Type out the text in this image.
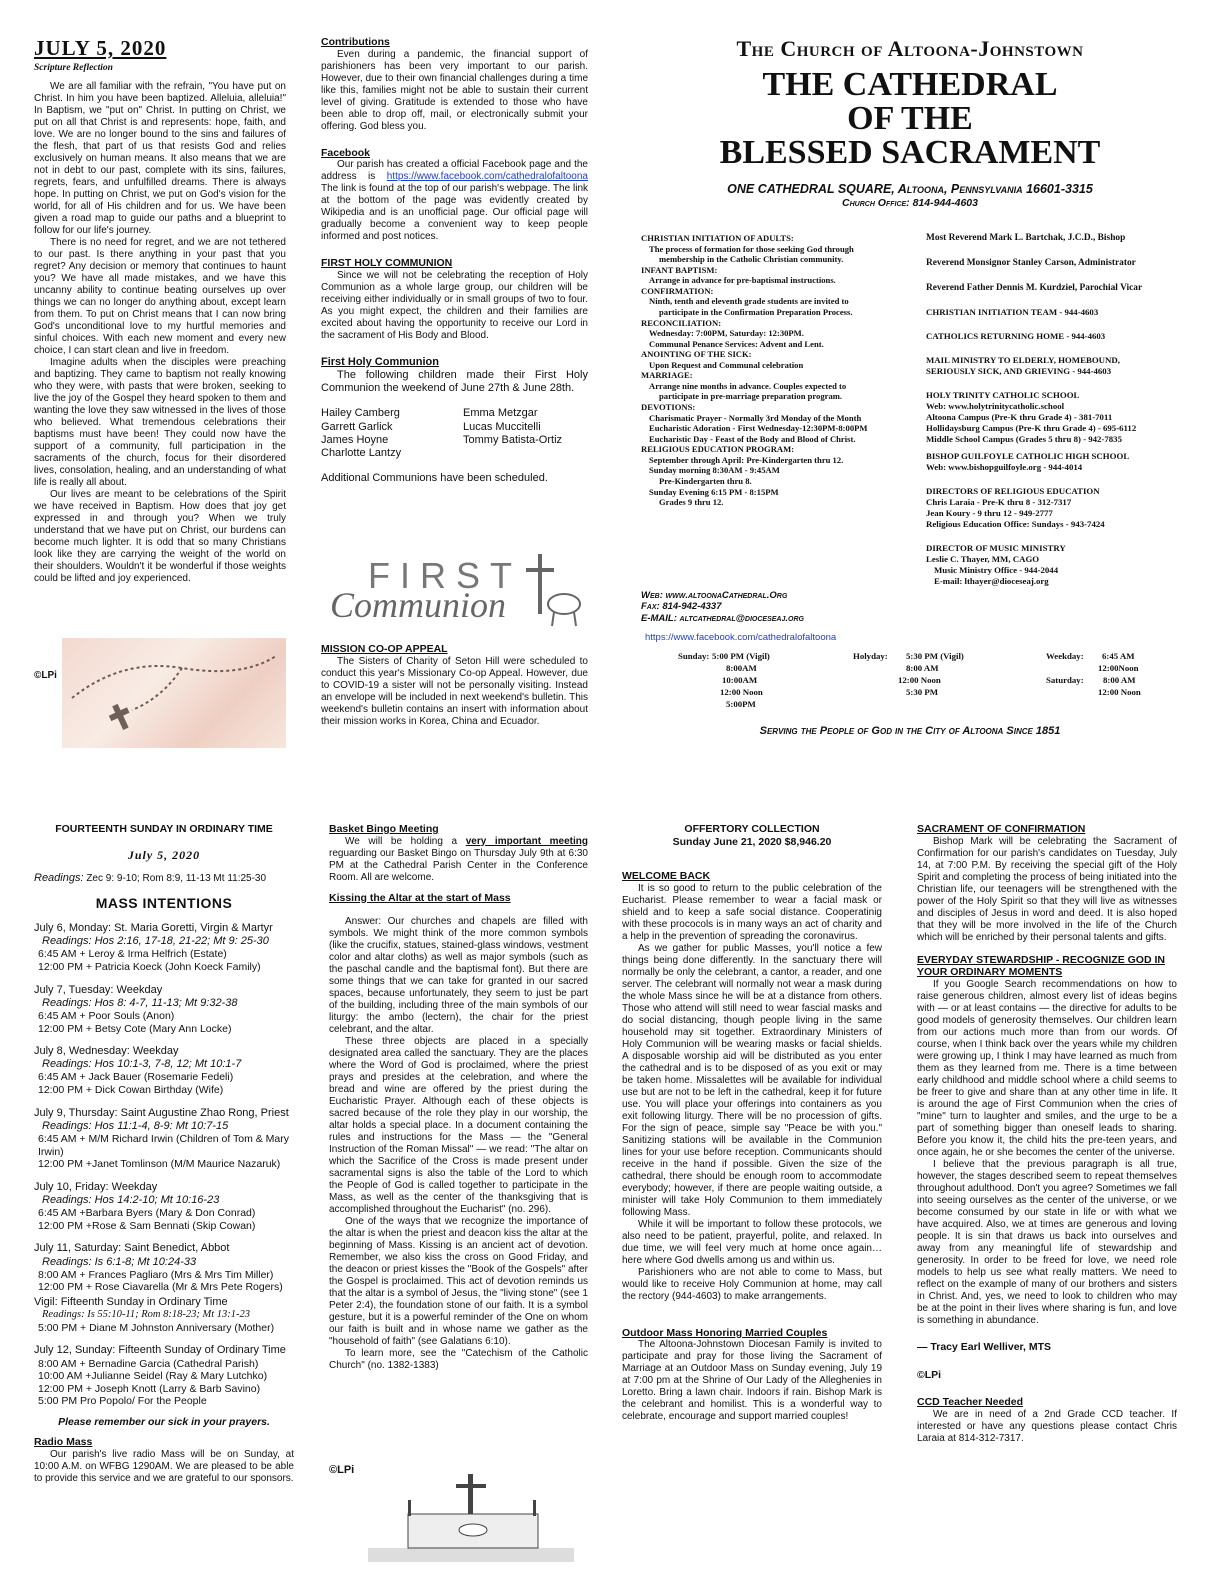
JULY 5, 2020
Scripture Reflection

We are all familiar with the refrain, "You have put on Christ. In him you have been baptized. Alleluia, alleluia!" In Baptism, we "put on" Christ. In putting on Christ, we put on all that Christ is and represents: hope, faith, and love. We are no longer bound to the sins and failures of the flesh, that part of us that resists God and relies exclusively on human means. It also means that we are not in debt to our past, complete with its sins, failures, regrets, fears, and unfulfilled dreams. There is always hope. In putting on Christ, we put on God's vision for the world, for all of His children and for us. We have been given a road map to guide our paths and a blueprint to follow for our life's journey.

There is no need for regret, and we are not tethered to our past. Is there anything in your past that you regret? Any decision or memory that continues to haunt you? We have all made mistakes, and we have this uncanny ability to continue beating ourselves up over things we can no longer do anything about, except learn from them. To put on Christ means that I can now bring God's unconditional love to my hurtful memories and sinful choices. With each new moment and every new choice, I can start clean and live in freedom.

Imagine adults when the disciples were preaching and baptizing. They came to baptism not really knowing who they were, with pasts that were broken, seeking to live the joy of the Gospel they heard spoken to them and wanting the love they saw witnessed in the lives of those who believed. What tremendous celebrations their baptisms must have been! They could now have the support of a community, full participation in the sacraments of the church, focus for their disordered lives, consolation, healing, and an understanding of what life is really all about.

Our lives are meant to be celebrations of the Spirit we have received in Baptism. How does that joy get expressed in and through you? When we truly understand that we have put on Christ, our burdens can become much lighter. It is odd that so many Christians look like they are carrying the weight of the world on their shoulders. Wouldn't it be wonderful if those weights could be lifted and joy experienced.

©LPi
Contributions

Even during a pandemic, the financial support of parishioners has been very important to our parish. However, due to their own financial challenges during a time like this, families might not be able to sustain their current level of giving. Gratitude is extended to those who have been able to drop off, mail, or electronically submit your offering. God bless you.

Facebook

Our parish has created a official Facebook page and the address is https://www.facebook.com/cathedralofaltoona The link is found at the top of our parish's webpage. The link at the bottom of the page was evidently created by Wikipedia and is an unofficial page. Our official page will gradually become a convenient way to keep people informed and post notices.

FIRST HOLY COMMUNION

Since we will not be celebrating the reception of Holy Communion as a whole large group, our children will be receiving either individually or in small groups of two to four. As you might expect, the children and their families are excited about having the opportunity to receive our Lord in the sacrament of His Body and Blood.

First Holy Communion

The following children made their First Holy Communion the weekend of June 27th & June 28th.

Hailey Camberg
Garrett Garlick
James Hoyne
Charlotte Lantzy
Emma Metzgar
Lucas Muccitelli
Tommy Batista-Ortiz

Additional Communions have been scheduled.

FIRST
Communion
MISSION CO-OP APPEAL

The Sisters of Charity of Seton Hill were scheduled to conduct this year's Missionary Co-op Appeal. However, due to COVID-19 a sister will not be personally visiting. Instead an envelope will be included in next weekend's bulletin. This weekend's bulletin contains an insert with information about their mission works in Korea, China and Ecuador.

The Church of Altoona-Johnstown
THE CATHEDRAL
OF THE
BLESSED SACRAMENT
ONE CATHEDRAL SQUARE, Altoona, Pennsylvania 16601-3315
Church Office: 814-944-4603
CHRISTIAN INITIATION OF ADULTS:
The process of formation for those seeking God through
membership in the Catholic Christian community.
INFANT BAPTISM:
Arrange in advance for pre-baptismal instructions.
CONFIRMATION:
Ninth, tenth and eleventh grade students are invited to
participate in the Confirmation Preparation Process.
RECONCILIATION:
Wednesday: 7:00PM, Saturday: 12:30PM.
Communal Penance Services: Advent and Lent.
ANOINTING OF THE SICK:
Upon Request and Communal celebration
MARRIAGE:
Arrange nine months in advance. Couples expected to
participate in pre-marriage preparation program.
DEVOTIONS:
Charismatic Prayer - Normally 3rd Monday of the Month
Eucharistic Adoration - First Wednesday-12:30PM-8:00PM
Eucharistic Day - Feast of the Body and Blood of Christ.
RELIGIOUS EDUCATION PROGRAM:
September through April: Pre-Kindergarten thru 12.
Sunday morning 8:30AM - 9:45AM
Pre-Kindergarten thru 8.
Sunday Evening 6:15 PM - 8:15PM
Grades 9 thru 12.
Most Reverend Mark L. Bartchak, J.C.D., Bishop
Reverend Monsignor Stanley Carson, Administrator
Reverend Father Dennis M. Kurdziel, Parochial Vicar
CHRISTIAN INITIATION TEAM - 944-4603
CATHOLICS RETURNING HOME - 944-4603
MAIL MINISTRY TO ELDERLY, HOMEBOUND,
SERIOUSLY SICK, AND GRIEVING - 944-4603
HOLY TRINITY CATHOLIC SCHOOL
Web: www.holytrinitycatholic.school
Altoona Campus (Pre-K thru Grade 4) - 381-7011
Hollidaysburg Campus (Pre-K thru Grade 4) - 695-6112
Middle School Campus (Grades 5 thru 8) - 942-7835
BISHOP GUILFOYLE CATHOLIC HIGH SCHOOL
Web: www.bishopguilfoyle.org - 944-4014
DIRECTORS OF RELIGIOUS EDUCATION
Chris Laraia - Pre-K thru 8 - 312-7317
Jean Koury - 9 thru 12 - 949-2777
Religious Education Office: Sundays - 943-7424
DIRECTOR OF MUSIC MINISTRY
Leslie C. Thayer, MM, CAGO
Music Ministry Office - 944-2044
E-mail: lthayer@dioceseaj.org
Web: www.altoonaCathedral.Org
Fax: 814-942-4337
E-MAIL: altcathedral@dioceseaj.org
https://www.facebook.com/cathedralofaltoona
Sunday: 5:00 PM (Vigil)
8:00AM
10:00AM
12:00 Noon
5:00PM
Holyday: 5:30 PM (Vigil)
8:00 AM
12:00 Noon
5:30 PM
Weekday: 6:45 AM
12:00Noon
Saturday: 8:00 AM
12:00 Noon
Serving the People of God in the City of Altoona Since 1851
FOURTEENTH SUNDAY IN ORDINARY TIME
July 5, 2020
Readings: Zec 9: 9-10; Rom 8:9, 11-13 Mt 11:25-30
MASS INTENTIONS
July 6, Monday: St. Maria Goretti, Virgin & Martyr
Readings: Hos 2:16, 17-18, 21-22; Mt 9: 25-30
6:45 AM + Leroy & Irma Helfrich (Estate)
12:00 PM + Patricia Koeck (John Koeck Family)
July 7, Tuesday: Weekday
Readings: Hos 8: 4-7, 11-13; Mt 9:32-38
6:45 AM + Poor Souls (Anon)
12:00 PM + Betsy Cote (Mary Ann Locke)
July 8, Wednesday: Weekday
Readings: Hos 10:1-3, 7-8, 12; Mt 10:1-7
6:45 AM + Jack Bauer (Rosemarie Fedeli)
12:00 PM + Dick Cowan Birthday (Wife)
July 9, Thursday: Saint Augustine Zhao Rong, Priest
Readings: Hos 11:1-4, 8-9: Mt 10:7-15
6:45 AM + M/M Richard Irwin (Children of Tom & Mary Irwin)
12:00 PM +Janet Tomlinson (M/M Maurice Nazaruk)
July 10, Friday: Weekday
Readings: Hos 14:2-10; Mt 10:16-23
6:45 AM +Barbara Byers (Mary & Don Conrad)
12:00 PM +Rose & Sam Bennati (Skip Cowan)
July 11, Saturday: Saint Benedict, Abbot
Readings: Is 6:1-8; Mt 10:24-33
8:00 AM + Frances Pagliaro (Mrs & Mrs Tim Miller)
12:00 PM + Rose Ciavarella (Mr & Mrs Pete Rogers)
Vigil: Fifteenth Sunday in Ordinary Time
Readings: Is 55:10-11; Rom 8:18-23; Mt 13:1-23
5:00 PM + Diane M Johnston Anniversary (Mother)
July 12, Sunday: Fifteenth Sunday of Ordinary Time
8:00 AM + Bernadine Garcia (Cathedral Parish)
10:00 AM +Julianne Seidel (Ray & Mary Lutchko)
12:00 PM + Joseph Knott (Larry & Barb Savino)
5:00 PM Pro Popolo/ For the People
Please remember our sick in your prayers.
Radio Mass

Our parish's live radio Mass will be on Sunday, at 10:00 A.M. on WFBG 1290AM. We are pleased to be able to provide this service and we are grateful to our sponsors.

Basket Bingo Meeting

We will be holding a very important meeting reguarding our Basket Bingo on Thursday July 9th at 6:30 PM at the Cathedral Parish Center in the Conference Room. All are welcome.

Kissing the Altar at the start of Mass

Answer: Our churches and chapels are filled with symbols. We might think of the more common symbols (like the crucifix, statues, stained-glass windows, vestment color and altar cloths) as well as major symbols (such as the paschal candle and the baptismal font). But there are some things that we can take for granted in our sacred spaces, because unfortunately, they seem to just be part of the building, including three of the main symbols of our liturgy: the ambo (lectern), the chair for the priest celebrant, and the altar.

These three objects are placed in a specially designated area called the sanctuary. They are the places where the Word of God is proclaimed, where the priest prays and presides at the celebration, and where the bread and wine are offered by the priest during the Eucharistic Prayer. Although each of these objects is sacred because of the role they play in our worship, the altar holds a special place. In a document containing the rules and instructions for the Mass — the "General Instruction of the Roman Missal" — we read: "The altar on which the Sacrifice of the Cross is made present under sacramental signs is also the table of the Lord to which the People of God is called together to participate in the Mass, as well as the center of the thanksgiving that is accomplished throughout the Eucharist" (no. 296).

One of the ways that we recognize the importance of the altar is when the priest and deacon kiss the altar at the beginning of Mass. Kissing is an ancient act of devotion. Remember, we also kiss the cross on Good Friday, and the deacon or priest kisses the "Book of the Gospels" after the Gospel is proclaimed. This act of devotion reminds us that the altar is a symbol of Jesus, the "living stone" (see 1 Peter 2:4), the foundation stone of our faith. It is a symbol gesture, but it is a powerful reminder of the One on whom our faith is built and in whose name we gather as the "household of faith" (see Galatians 6:10).

To learn more, see the "Catechism of the Catholic Church" (no. 1382-1383)

©LPi
OFFERTORY COLLECTION
Sunday June 21, 2020 $8,946.20
WELCOME BACK

It is so good to return to the public celebration of the Eucharist. Please remember to wear a facial mask or shield and to keep a safe social distance. Cooperatinig with these prococols is in many ways an act of charity and a help in the prevention of spreading the coronavirus.

As we gather for public Masses, you'll notice a few things being done differently. In the sanctuary there will normally be only the celebrant, a cantor, a reader, and one server. The celebrant will normally not wear a mask during the whole Mass since he will be at a distance from others. Those who attend will still need to wear fascial masks and do social distancing, though people living in the same household may sit together. Extraordinary Ministers of Holy Communion will be wearing masks or facial shields. A disposable worship aid will be distributed as you enter the cathedral and is to be disposed of as you exit or may be taken home. Missalettes will be available for individual use but are not to be left in the cathedral, keep it for future use. You will place your offerings into containers as you exit following liturgy. There will be no procession of gifts. For the sign of peace, simple say "Peace be with you." Sanitizing stations will be available in the Communion lines for your use before reception. Communicants should receive in the hand if possible. Given the size of the cathedral, there should be enough room to accommodate everybody; however, if there are people waiting outside, a minister will take Holy Communion to them immediately following Mass.

While it will be important to follow these protocols, we also need to be patient, prayerful, polite, and relaxed. In due time, we will feel very much at home once again…here where God dwells among us and within us.

Parishioners who are not able to come to Mass, but would like to receive Holy Communion at home, may call the rectory (944-4603) to make arrangements.

Outdoor Mass Honoring Married Couples

The Altoona-Johnstown Diocesan Family is invited to participate and pray for those living the Sacrament of Marriage at an Outdoor Mass on Sunday evening, July 19 at 7:00 pm at the Shrine of Our Lady of the Alleghenies in Loretto. Bring a lawn chair. Indoors if rain. Bishop Mark is the celebrant and homilist. This is a wonderful way to celebrate, encourage and support married couples!

SACRAMENT OF CONFIRMATION

Bishop Mark will be celebrating the Sacrament of Confirmation for our parish's candidates on Tuesday, July 14, at 7:00 P.M. By receiving the special gift of the Holy Spirit and completing the process of being initiated into the Christian life, our teenagers will be strengthened with the power of the Holy Spirit so that they will live as witnesses and disciples of Jesus in word and deed. It is also hoped that they will be more involved in the life of the Church which will be enriched by their personal talents and gifts.

EVERYDAY STEWARDSHIP - RECOGNIZE GOD IN YOUR ORDINARY MOMENTS

If you Google Search recommendations on how to raise generous children, almost every list of ideas begins with — or at least contains — the directive for adults to be good models of generosity themselves. Our children learn from our actions much more than from our words. Of course, when I think back over the years while my children were growing up, I think I may have learned as much from them as they learned from me. There is a time between early childhood and middle school where a child seems to be freer to give and share than at any other time in life. It is around the age of First Communion when the cries of "mine" turn to laughter and smiles, and the urge to be a part of something bigger than oneself leads to sharing. Before you know it, the child hits the pre-teen years, and once again, he or she becomes the center of the universe.

I believe that the previous paragraph is all true, however, the stages described seem to repeat themselves throughout adulthood. Don't you agree? Sometimes we fall into seeing ourselves as the center of the universe, or we become consumed by our state in life or with what we have acquired. Also, we at times are generous and loving people. It is sin that draws us back into ourselves and away from any meaningful life of stewardship and generosity. In order to be freed for love, we need role models to help us see what really matters. We need to reflect on the example of many of our brothers and sisters in Christ. And, yes, we need to look to children who may be at the point in their lives where sharing is fun, and love is something in abundance.

— Tracy Earl Welliver, MTS
©LPi
CCD Teacher Needed

We are in need of a 2nd Grade CCD teacher. If interested or have any questions please contact Chris Laraia at 814-312-7317.
